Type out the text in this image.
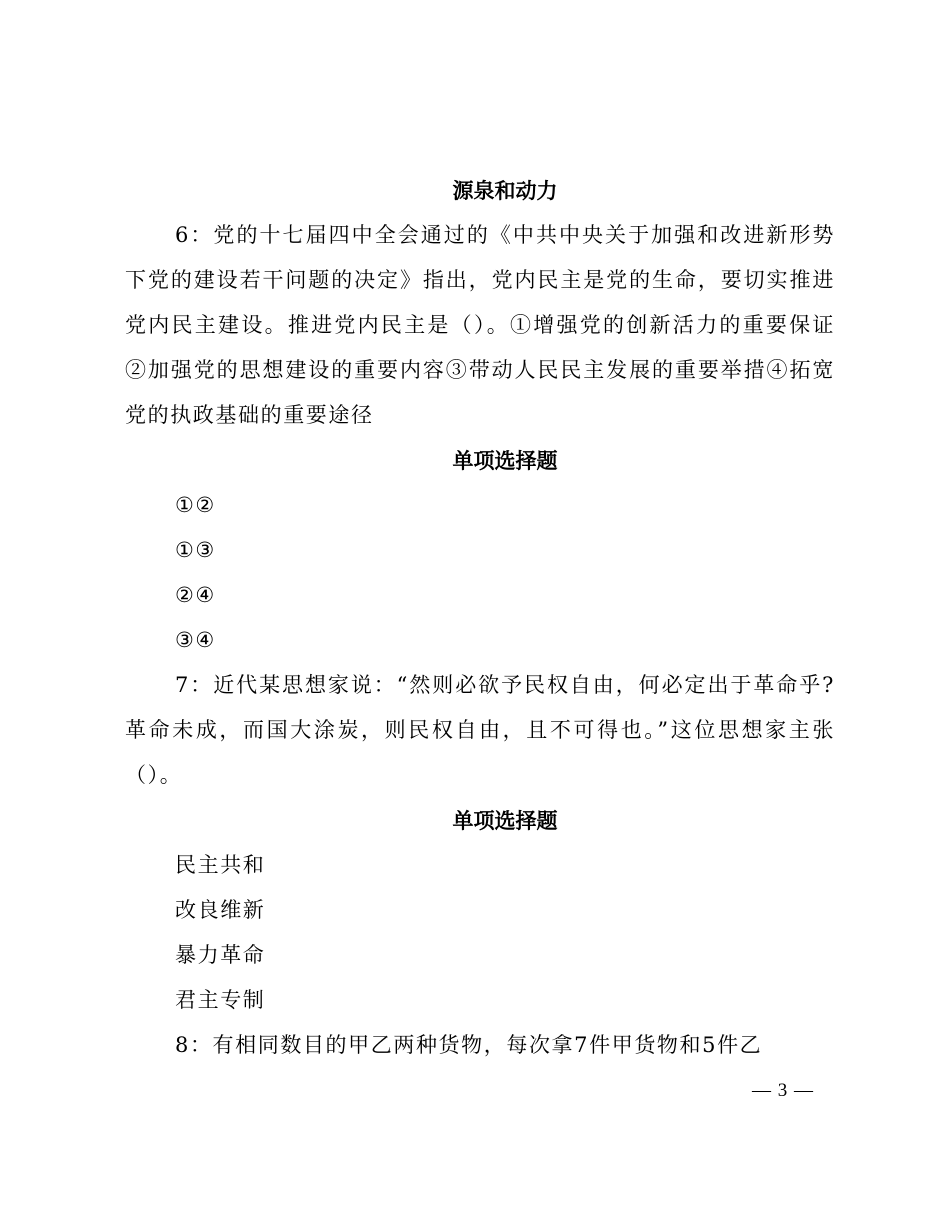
源泉和动力

6：党的十七届四中全会通过的《中共中央关于加强和改进新形势下党的建设若干问题的决定》指出，党内民主是党的生命，要切实推进党内民主建设。推进党内民主是（）。①增强党的创新活力的重要保证②加强党的思想建设的重要内容③带动人民民主发展的重要举措④拓宽党的执政基础的重要途径

单项选择题
①②
①③
②④
③④

7：近代某思想家说：“然则必欲予民权自由，何必定出于革命乎?革命未成，而国大涂炭，则民权自由，且不可得也。”这位思想家主张（）。

单项选择题
民主共和
改良维新
暴力革命
君主专制

8：有相同数目的甲乙两种货物，每次拿7件甲货物和5件乙

— 3 —
